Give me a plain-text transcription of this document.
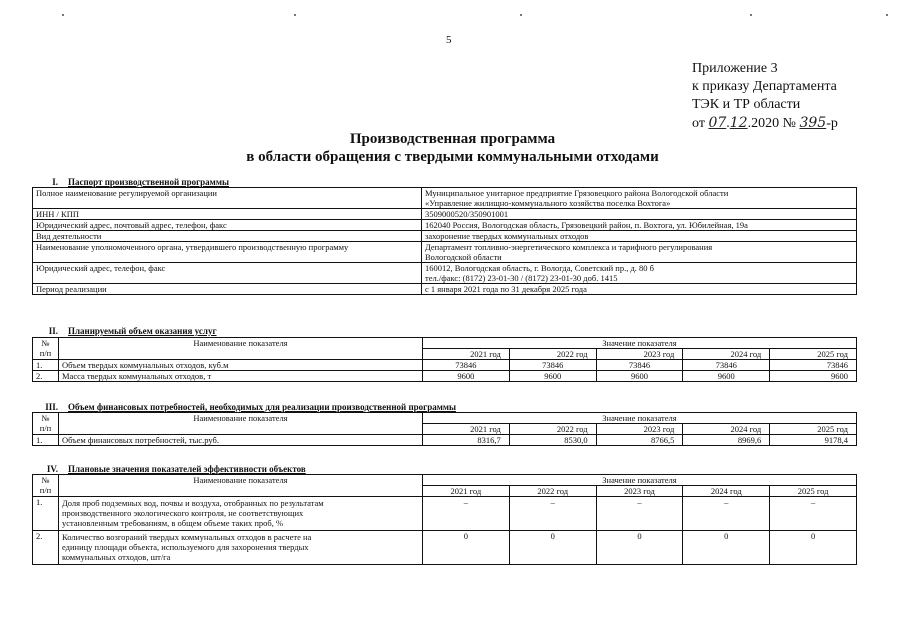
5
Приложение 3
к приказу Департамента
ТЭК и ТР области
от 07.12.2020 № 395-р
Производственная программа
в области обращения с твердыми коммунальными отходами
I. Паспорт производственной программы
Полное наименование регулируемой организации	Муниципальное унитарное предприятие Грязовецкого района Вологодской области
«Управление жилищно-коммунального хозяйства поселка Вохтога»

ИНН / КПП	3509000520/350901001
Юридический адрес, почтовый адрес, телефон, факс	162040 Россия, Вологодская область, Грязовецкий район, п. Вохтога, ул. Юбилейная, 19а
Вид деятельности	захоронение твердых коммунальных отходов
Наименование уполномоченного органа, утвердившего производственную программу	Департамент топливно-энергетического комплекса и тарифного регулирования
Вологодской области

Юридический адрес, телефон, факс	160012, Вологодская область, г. Вологда, Советский пр., д. 80 б
тел./факс: (8172) 23-01-30 / (8172) 23-01-30 доб. 1415

Период реализации	с 1 января 2021 года по 31 декабря 2025 года
II. Планируемый объем оказания услуг
№
п/п	Наименование показателя	Значение показателя				
		2021 год	2022 год	2023 год	2024 год	2025 год
1.	Объем твердых коммунальных отходов, куб.м	73846	73846	73846	73846	73846
2.	Масса твердых коммунальных отходов, т	9600	9600	9600	9600	9600
III. Объем финансовых потребностей, необходимых для реализации производственной программы
№
п/п	Наименование показателя	Значение показателя				
		2021 год	2022 год	2023 год	2024 год	2025 год
1.	Объем финансовых потребностей, тыс.руб.	8316,7	8530,0	8766,5	8969,6	9178,4
IV. Плановые значения показателей эффективности объектов
№
п/п	Наименование показателя	Значение показателя				
		2021 год	2022 год	2023 год	2024 год	2025 год
1.	Доля проб подземных вод, почвы и воздуха, отобранных по результатам
производственного экологического контроля, не соответствующих
установленным требованиям, в общем объеме таких проб, %	–	–	–	–	–
2.	Количество возгораний твердых коммунальных отходов в расчете на
единицу площади объекта, используемого для захоронения твердых
коммунальных отходов, шт/га	0	0	0	0	0
